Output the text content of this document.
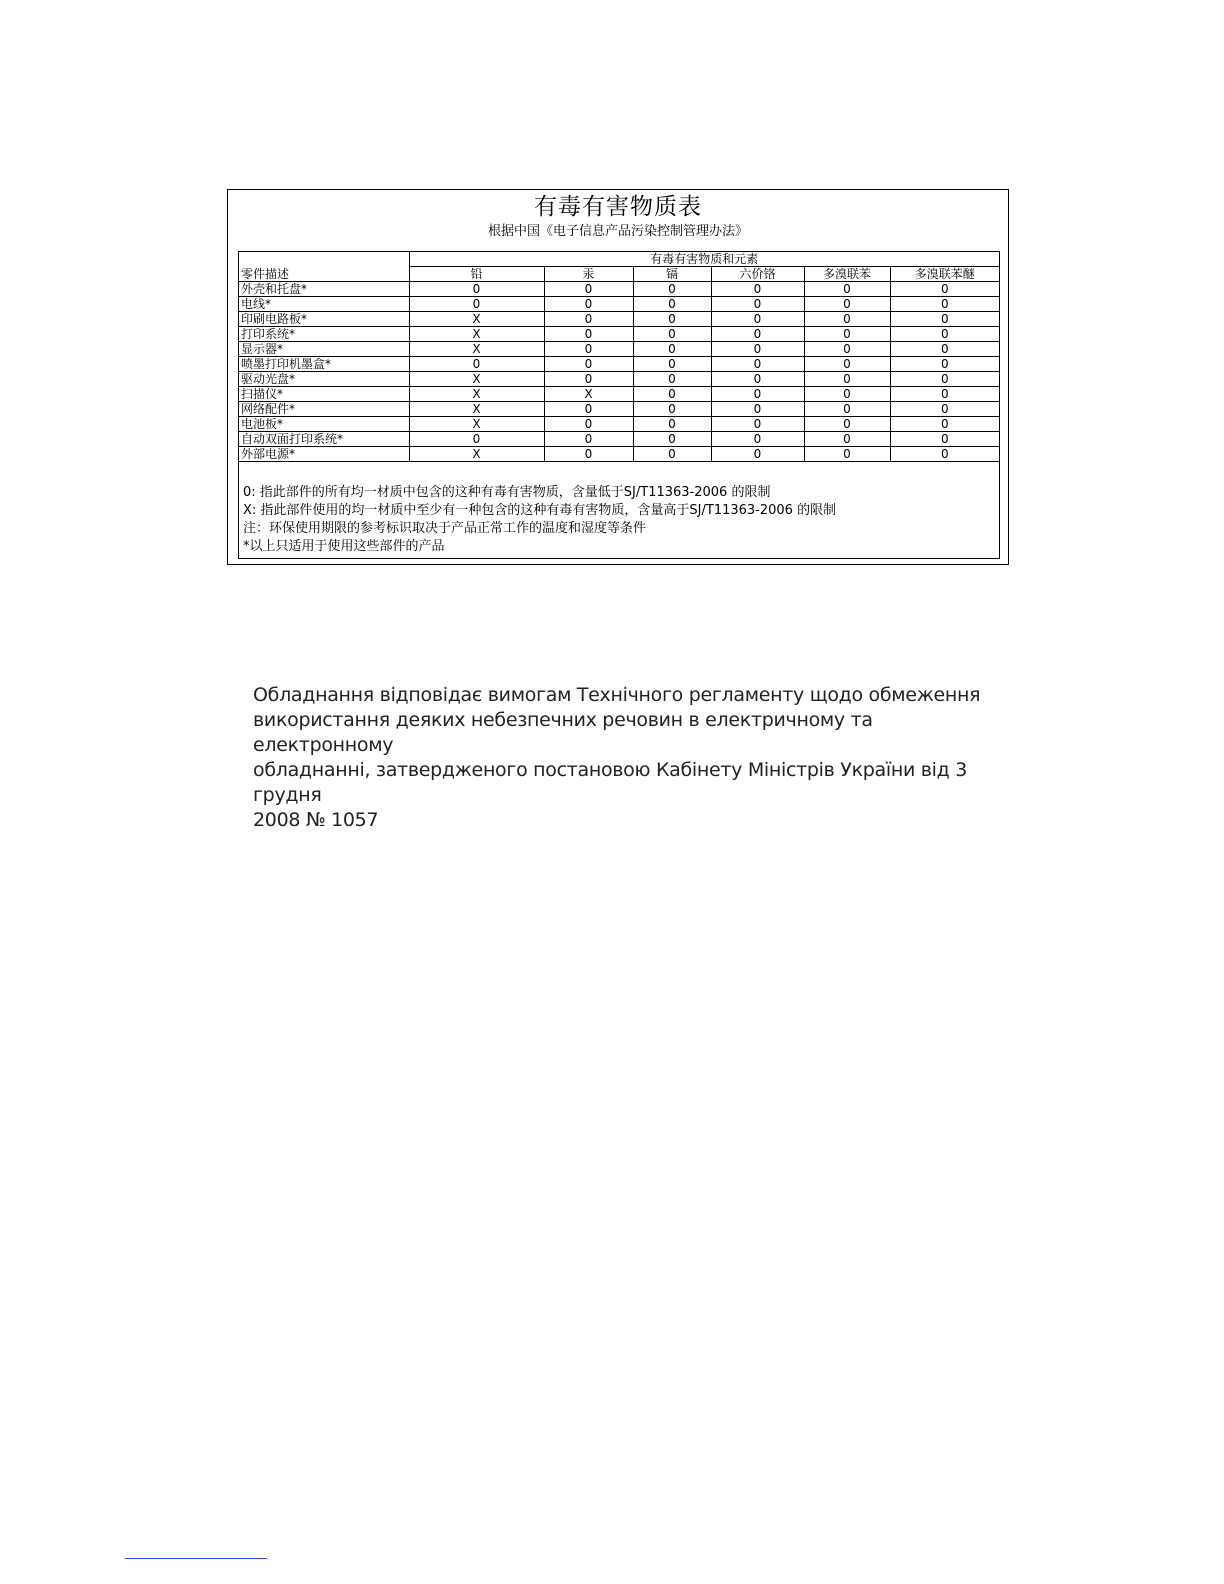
有毒有害物质表
根据中国《电子信息产品污染控制管理办法》
零件描述	有毒有害物质和元素					
	铅	汞	镉	六价铬	多溴联苯	多溴联苯醚
外壳和托盘*	0	0	0	0	0	0
电线*	0	0	0	0	0	0
印刷电路板*	X	0	0	0	0	0
打印系统*	X	0	0	0	0	0
显示器*	X	0	0	0	0	0
喷墨打印机墨盒*	0	0	0	0	0	0
驱动光盘*	X	0	0	0	0	0
扫描仪*	X	X	0	0	0	0
网络配件*	X	0	0	0	0	0
电池板*	X	0	0	0	0	0
自动双面打印系统*	0	0	0	0	0	0
外部电源*	X	0	0	0	0	0
0: 指此部件的所有均一材质中包含的这种有毒有害物质，含量低于SJ/T11363-2006 的限制
X: 指此部件使用的均一材质中至少有一种包含的这种有毒有害物质，含量高于SJ/T11363-2006 的限制
注：环保使用期限的参考标识取决于产品正常工作的温度和湿度等条件
*以上只适用于使用这些部件的产品
Обладнання відповідає вимогам Технічного регламенту щодо обмеження
використання деяких небезпечних речовин в електричному та електронному
обладнанні, затвердженого постановою Кабінету Міністрів України від 3 грудня
2008 № 1057
